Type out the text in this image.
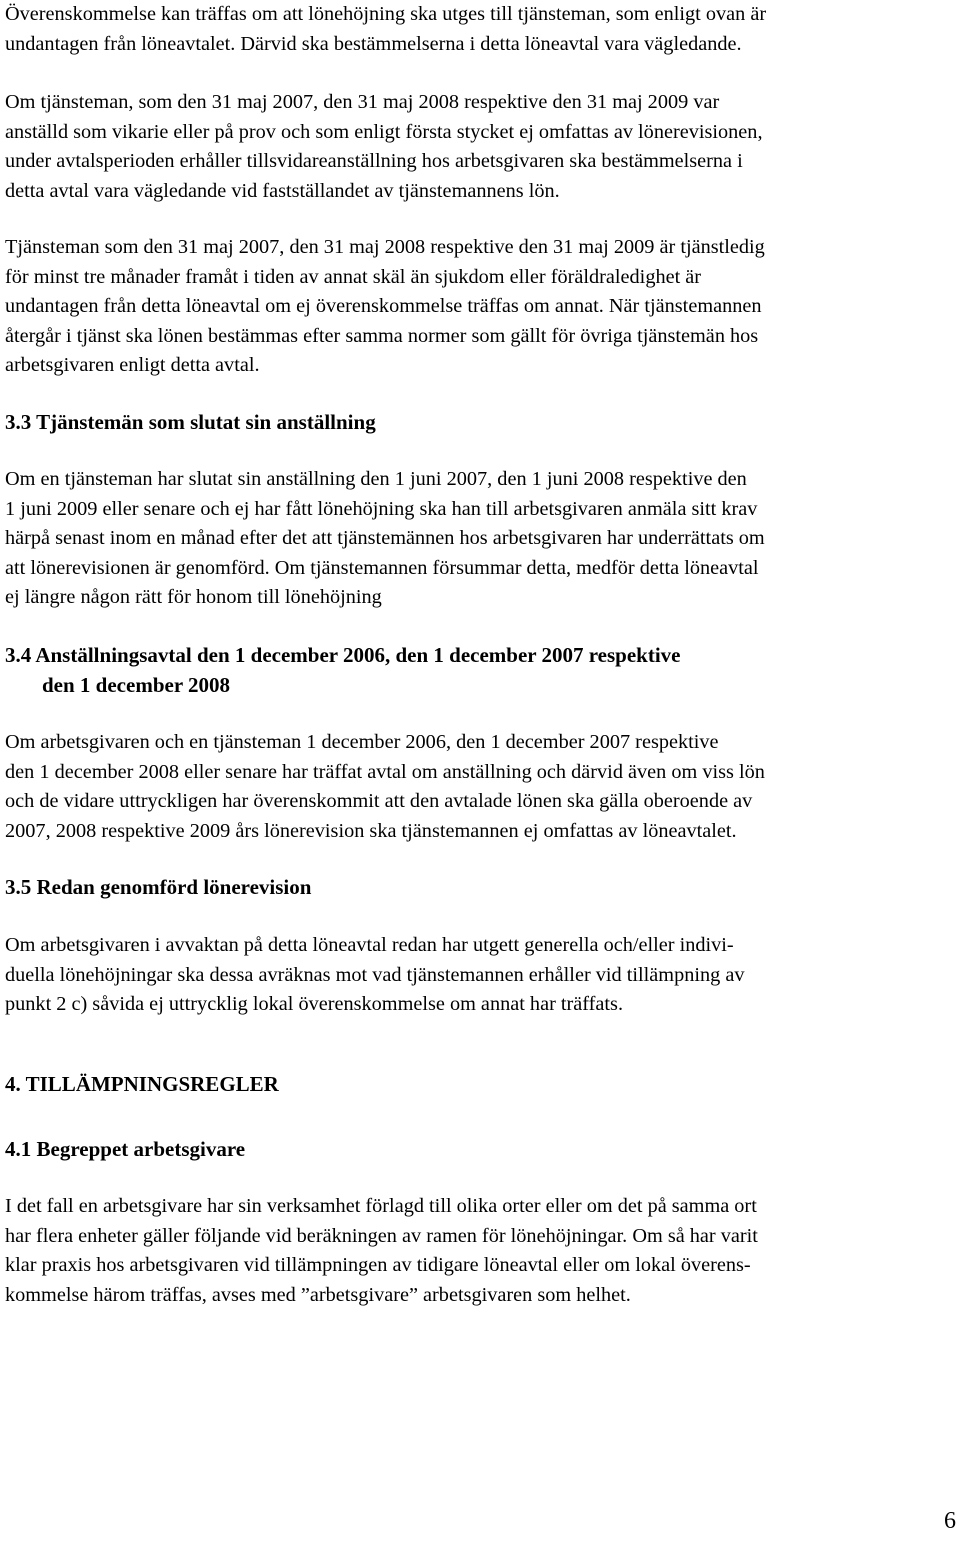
Överenskommelse kan träffas om att lönehöjning ska utges till tjänsteman, som enligt ovan är
undantagen från löneavtalet. Därvid ska bestämmelserna i detta löneavtal vara vägledande.

Om tjänsteman, som den 31 maj 2007, den 31 maj 2008 respektive den 31 maj 2009 var
anställd som vikarie eller på prov och som enligt första stycket ej omfattas av lönerevisionen,
under avtalsperioden erhåller tillsvidareanställning hos arbetsgivaren ska bestämmelserna i
detta avtal vara vägledande vid fastställandet av tjänstemannens lön.

Tjänsteman som den 31 maj 2007, den 31 maj 2008 respektive den 31 maj 2009 är tjänstledig
för minst tre månader framåt i tiden av annat skäl än sjukdom eller föräldraledighet är
undantagen från detta löneavtal om ej överenskommelse träffas om annat. När tjänstemannen
återgår i tjänst ska lönen bestämmas efter samma normer som gällt för övriga tjänstemän hos
arbetsgivaren enligt detta avtal.

3.3 Tjänstemän som slutat sin anställning

Om en tjänsteman har slutat sin anställning den 1 juni 2007, den 1 juni 2008 respektive den
1 juni 2009 eller senare och ej har fått lönehöjning ska han till arbetsgivaren anmäla sitt krav
härpå senast inom en månad efter det att tjänstemännen hos arbetsgivaren har underrättats om
att lönerevisionen är genomförd. Om tjänstemannen försummar detta, medför detta löneavtal
ej längre någon rätt för honom till lönehöjning

3.4 Anställningsavtal den 1 december 2006, den 1 december 2007 respektive
den 1 december 2008

Om arbetsgivaren och en tjänsteman 1 december 2006, den 1 december 2007 respektive
den 1 december 2008 eller senare har träffat avtal om anställning och därvid även om viss lön
och de vidare uttryckligen har överenskommit att den avtalade lönen ska gälla oberoende av
2007, 2008 respektive 2009 års lönerevision ska tjänstemannen ej omfattas av löneavtalet.

3.5 Redan genomförd lönerevision

Om arbetsgivaren i avvaktan på detta löneavtal redan har utgett generella och/eller indivi-
duella lönehöjningar ska dessa avräknas mot vad tjänstemannen erhåller vid tillämpning av
punkt 2 c) såvida ej uttrycklig lokal överenskommelse om annat har träffats.

4. TILLÄMPNINGSREGLER
4.1 Begreppet arbetsgivare

I det fall en arbetsgivare har sin verksamhet förlagd till olika orter eller om det på samma ort
har flera enheter gäller följande vid beräkningen av ramen för lönehöjningar. Om så har varit
klar praxis hos arbetsgivaren vid tillämpningen av tidigare löneavtal eller om lokal överens-
kommelse härom träffas, avses med ”arbetsgivare” arbetsgivaren som helhet.

6
